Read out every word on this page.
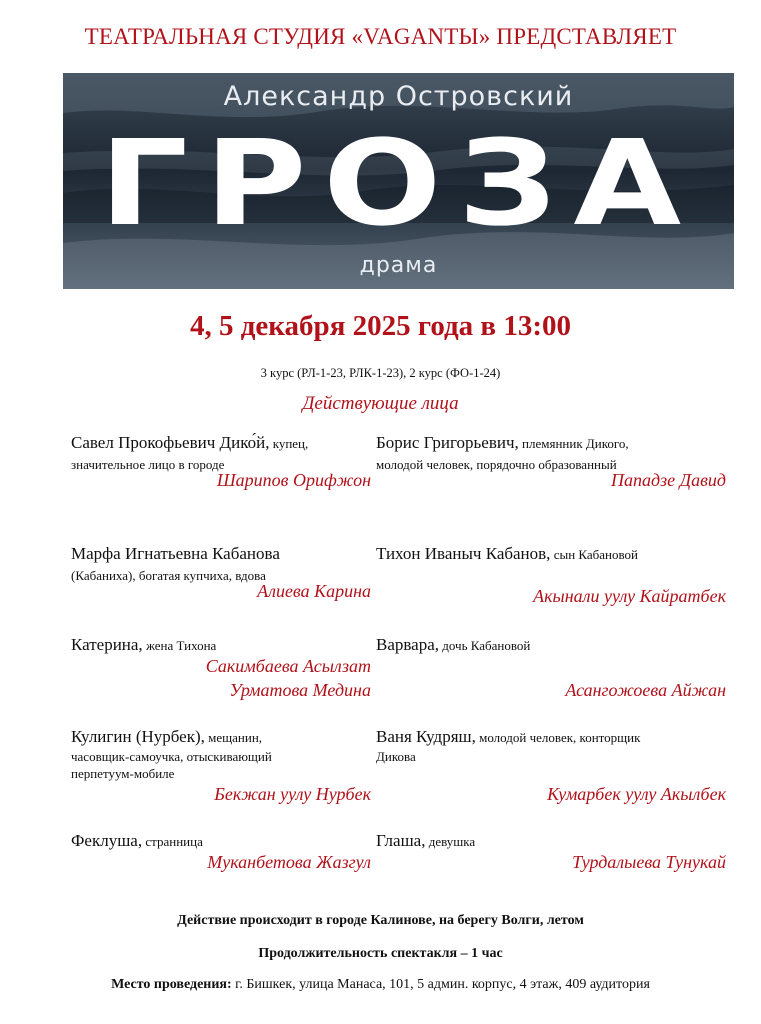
ТЕАТРАЛЬНАЯ СТУДИЯ «VAGANTЫ» ПРЕДСТАВЛЯЕТ
Александр Островский
ГРОЗА
драма
4, 5 декабря 2025 года в 13:00
3 курс (РЛ-1-23, РЛК-1-23), 2 курс (ФО-1-24)
Действующие лица
Савел Прокофьевич Дико́й, купец,
значительное лицо в городе
Шарипов Орифжон
Борис Григорьевич, племянник Дикого,
молодой человек, порядочно образованный
Пападзе Давид
Марфа Игнатьевна Кабанова
(Кабаниха), богатая купчиха, вдова
Алиева Карина
Тихон Иваныч Кабанов, сын Кабановой
Акынали уулу Кайратбек
Катерина, жена Тихона
Сакимбаева Асылзат
Урматова Медина
Варвара, дочь Кабановой
Асангожоева Айжан
Кулигин (Нурбек), мещанин,
часовщик-самоучка, отыскивающий
перпетуум-мобиле
Бекжан уулу Нурбек
Ваня Кудряш, молодой человек, конторщик
Дикова
Кумарбек уулу Акылбек
Феклуша, странница
Муканбетова Жазгул
Глаша, девушка
Турдалыева Тунукай
Действие происходит в городе Калинове, на берегу Волги, летом
Продолжительность спектакля – 1 час
Место проведения: г. Бишкек, улица Манаса, 101, 5 админ. корпус, 4 этаж, 409 аудитория
